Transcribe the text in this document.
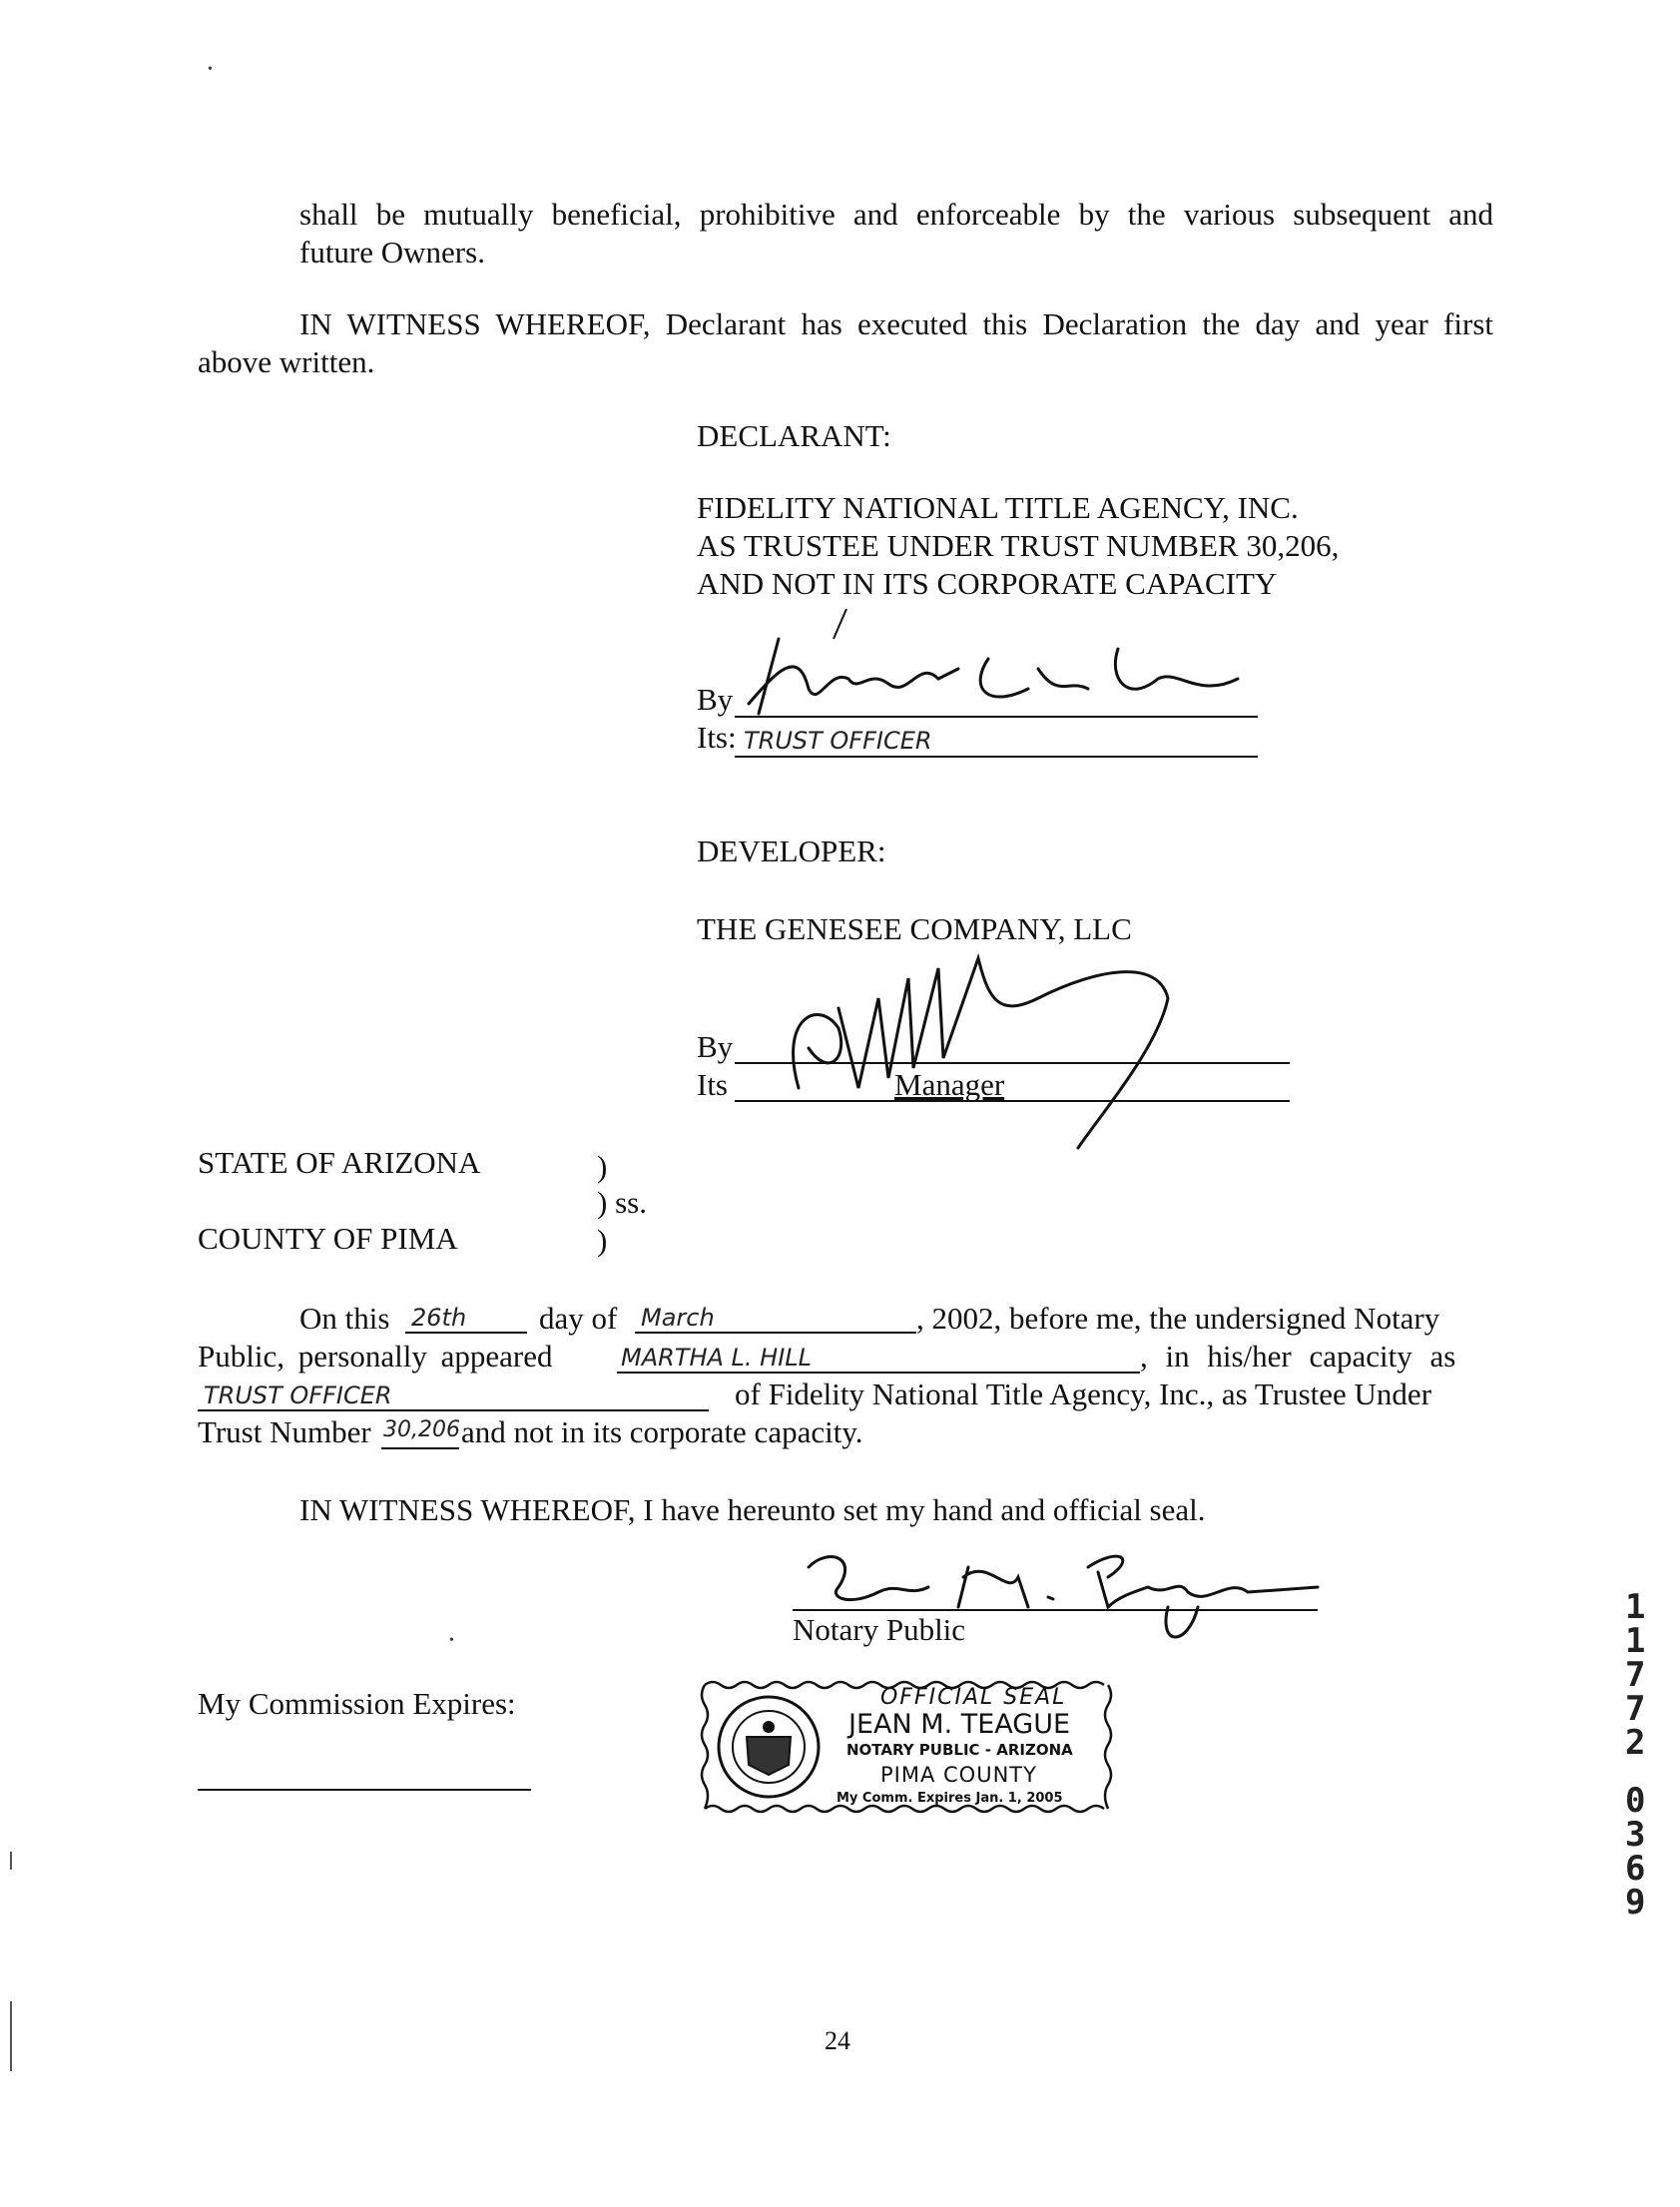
•
shall be mutually beneficial, prohibitive and enforceable by the various subsequent and
future Owners.
IN WITNESS WHEREOF, Declarant has executed this Declaration the day and year first
above written.
DECLARANT:
FIDELITY NATIONAL TITLE AGENCY, INC.
AS TRUSTEE UNDER TRUST NUMBER 30,206,
AND NOT IN ITS CORPORATE CAPACITY
By
Its: TRUST OFFICER
DEVELOPER:
THE GENESEE COMPANY, LLC
By
Its	Manager
STATE OF ARIZONA	)
) ss.
COUNTY OF PIMA	)
On this 26th day of March	, 2002, before me, the undersigned Notary
Public, personally appeared	MARTHA L. HILL	, in his/her capacity as
TRUST OFFICER	of Fidelity National Title Agency, Inc., as Trustee Under
Trust Number 30,206 and not in its corporate capacity.
IN WITNESS WHEREOF, I have hereunto set my hand and official seal.
Notary Public
•
My Commission Expires:	OFFICIAL SEAL
JEAN M. TEAGUE
NOTARY PUBLIC - ARIZONA
PIMA COUNTY
My Comm. Expires Jan. 1, 2005
1
1
7
7
2
0
3
6
9
24
